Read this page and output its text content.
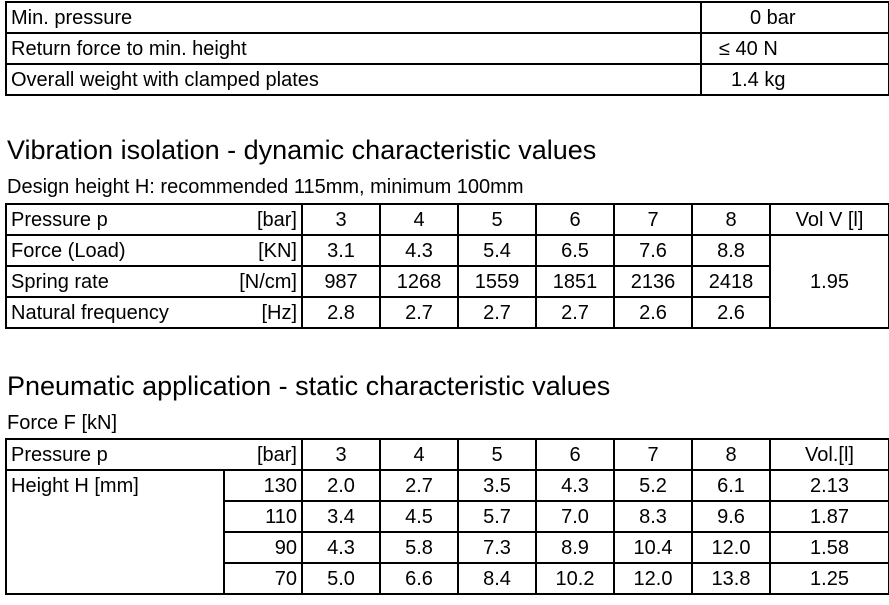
Min. pressure	0 bar
Return force to min. height	≤ 40 N
Overall weight with clamped plates	1.4 kg
Vibration isolation - dynamic characteristic values
Design height H: recommended 115mm, minimum 100mm
Pressure p	[bar]	3	4	5	6	7	8	Vol V [l]
Force (Load)	[KN]	3.1	4.3	5.4	6.5	7.6	8.8	1.95
Spring rate	[N/cm]	987	1268	1559	1851	2136	2418	
Natural frequency	[Hz]	2.8	2.7	2.7	2.7	2.6	2.6	
Pneumatic application - static characteristic values
Force F [kN]
Pressure p	[bar]	3	4	5	6	7	8	Vol.[l]
Height H [mm]	130	2.0	2.7	3.5	4.3	5.2	6.1	2.13
	110	3.4	4.5	5.7	7.0	8.3	9.6	1.87
	90	4.3	5.8	7.3	8.9	10.4	12.0	1.58
	70	5.0	6.6	8.4	10.2	12.0	13.8	1.25
